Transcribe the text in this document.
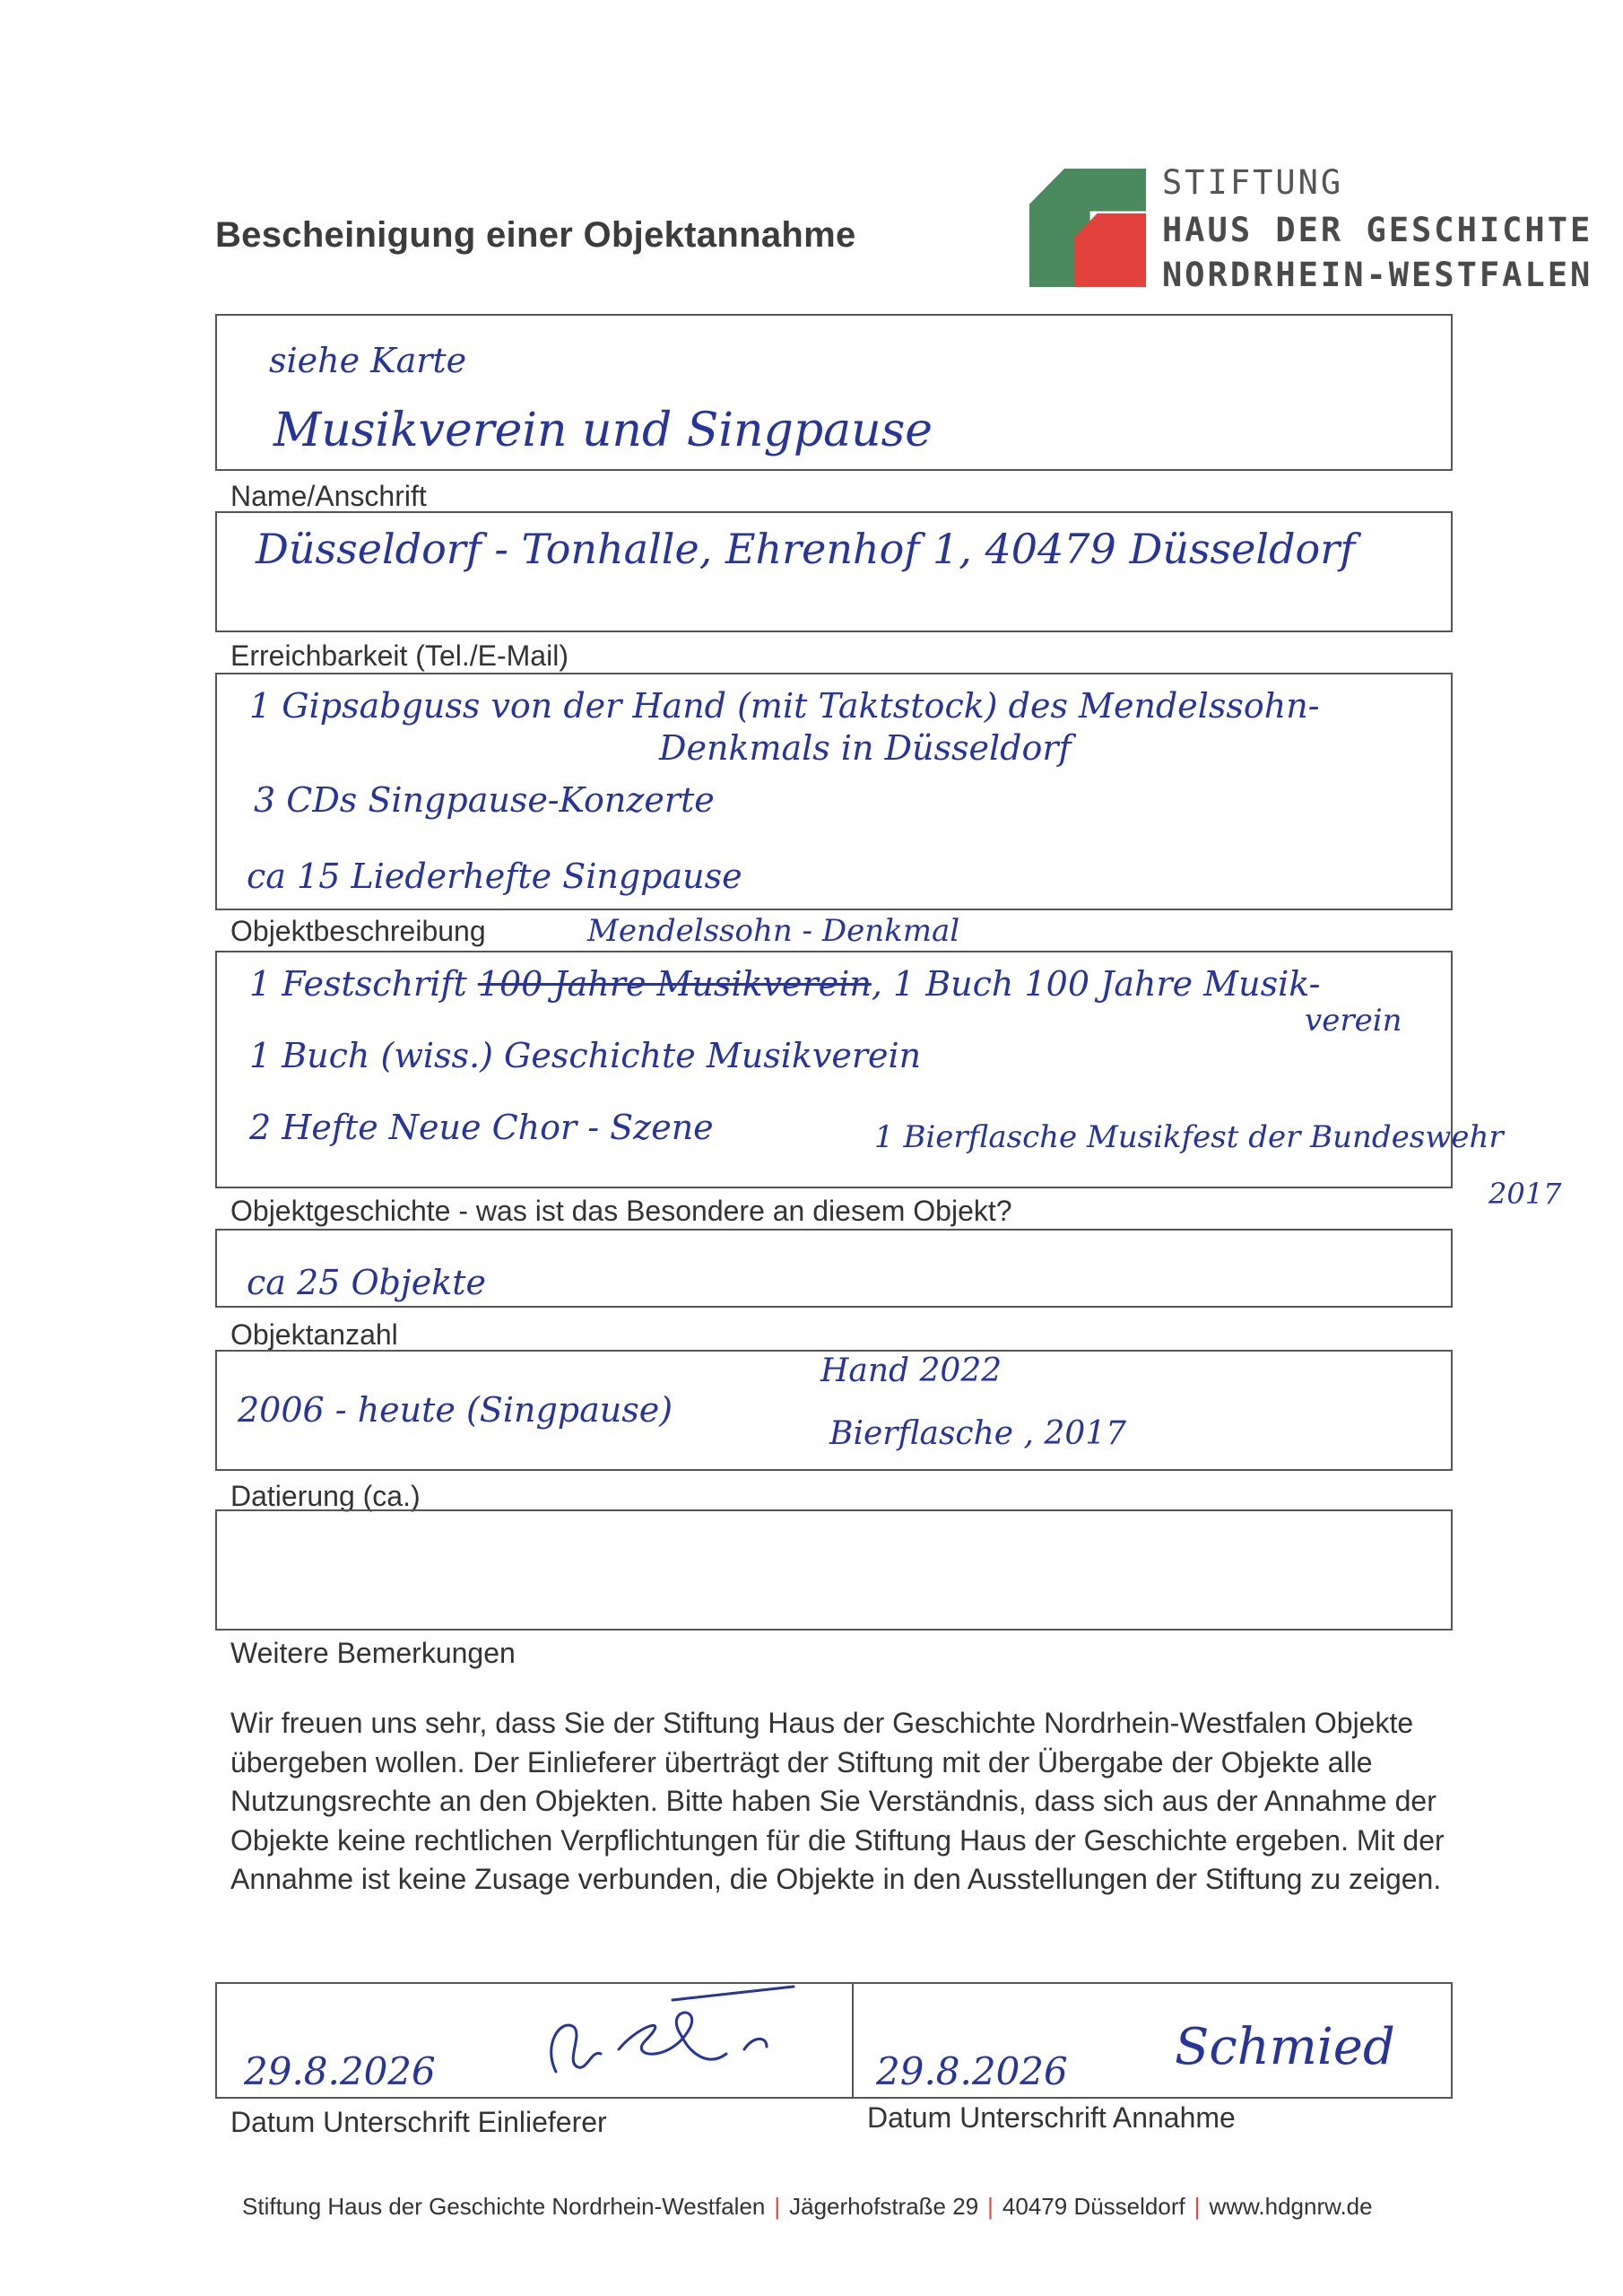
Bescheinigung einer Objektannahme
STIFTUNG
HAUS DER GESCHICHTE
NORDRHEIN-WESTFALEN
siehe Karte
Musikverein und Singpause
Name/Anschrift
Düsseldorf - Tonhalle, Ehrenhof 1, 40479 Düsseldorf
Erreichbarkeit (Tel./E-Mail)
1 Gipsabguss von der Hand (mit Taktstock) des Mendelssohn-
Denkmals in Düsseldorf
3 CDs Singpause-Konzerte
ca 15 Liederhefte Singpause
Objektbeschreibung	Mendelssohn - Denkmal
1 Festschrift 100 Jahre Musikverein, 1 Buch 100 Jahre Musik-
verein
1 Buch (wiss.) Geschichte Musikverein
2 Hefte Neue Chor - Szene	1 Bierflasche Musikfest der Bundeswehr
2017
Objektgeschichte - was ist das Besondere an diesem Objekt?
ca 25 Objekte
Objektanzahl
2006 - heute (Singpause)
Hand 2022
Bierflasche , 2017
Datierung (ca.)
Weitere Bemerkungen
Wir freuen uns sehr, dass Sie der Stiftung Haus der Geschichte Nordrhein-Westfalen Objekte übergeben wollen. Der Einlieferer überträgt der Stiftung mit der Übergabe der Objekte alle Nutzungsrechte an den Objekten. Bitte haben Sie Verständnis, dass sich aus der Annahme der Objekte keine rechtlichen Verpflichtungen für die Stiftung Haus der Geschichte ergeben. Mit der Annahme ist keine Zusage verbunden, die Objekte in den Ausstellungen der Stiftung zu zeigen.
29.8.2026	29.8.2026 Schmied
Datum Unterschrift Einlieferer	Datum Unterschrift Annahme
Stiftung Haus der Geschichte Nordrhein-Westfalen | Jägerhofstraße 29 | 40479 Düsseldorf | www.hdgnrw.de
